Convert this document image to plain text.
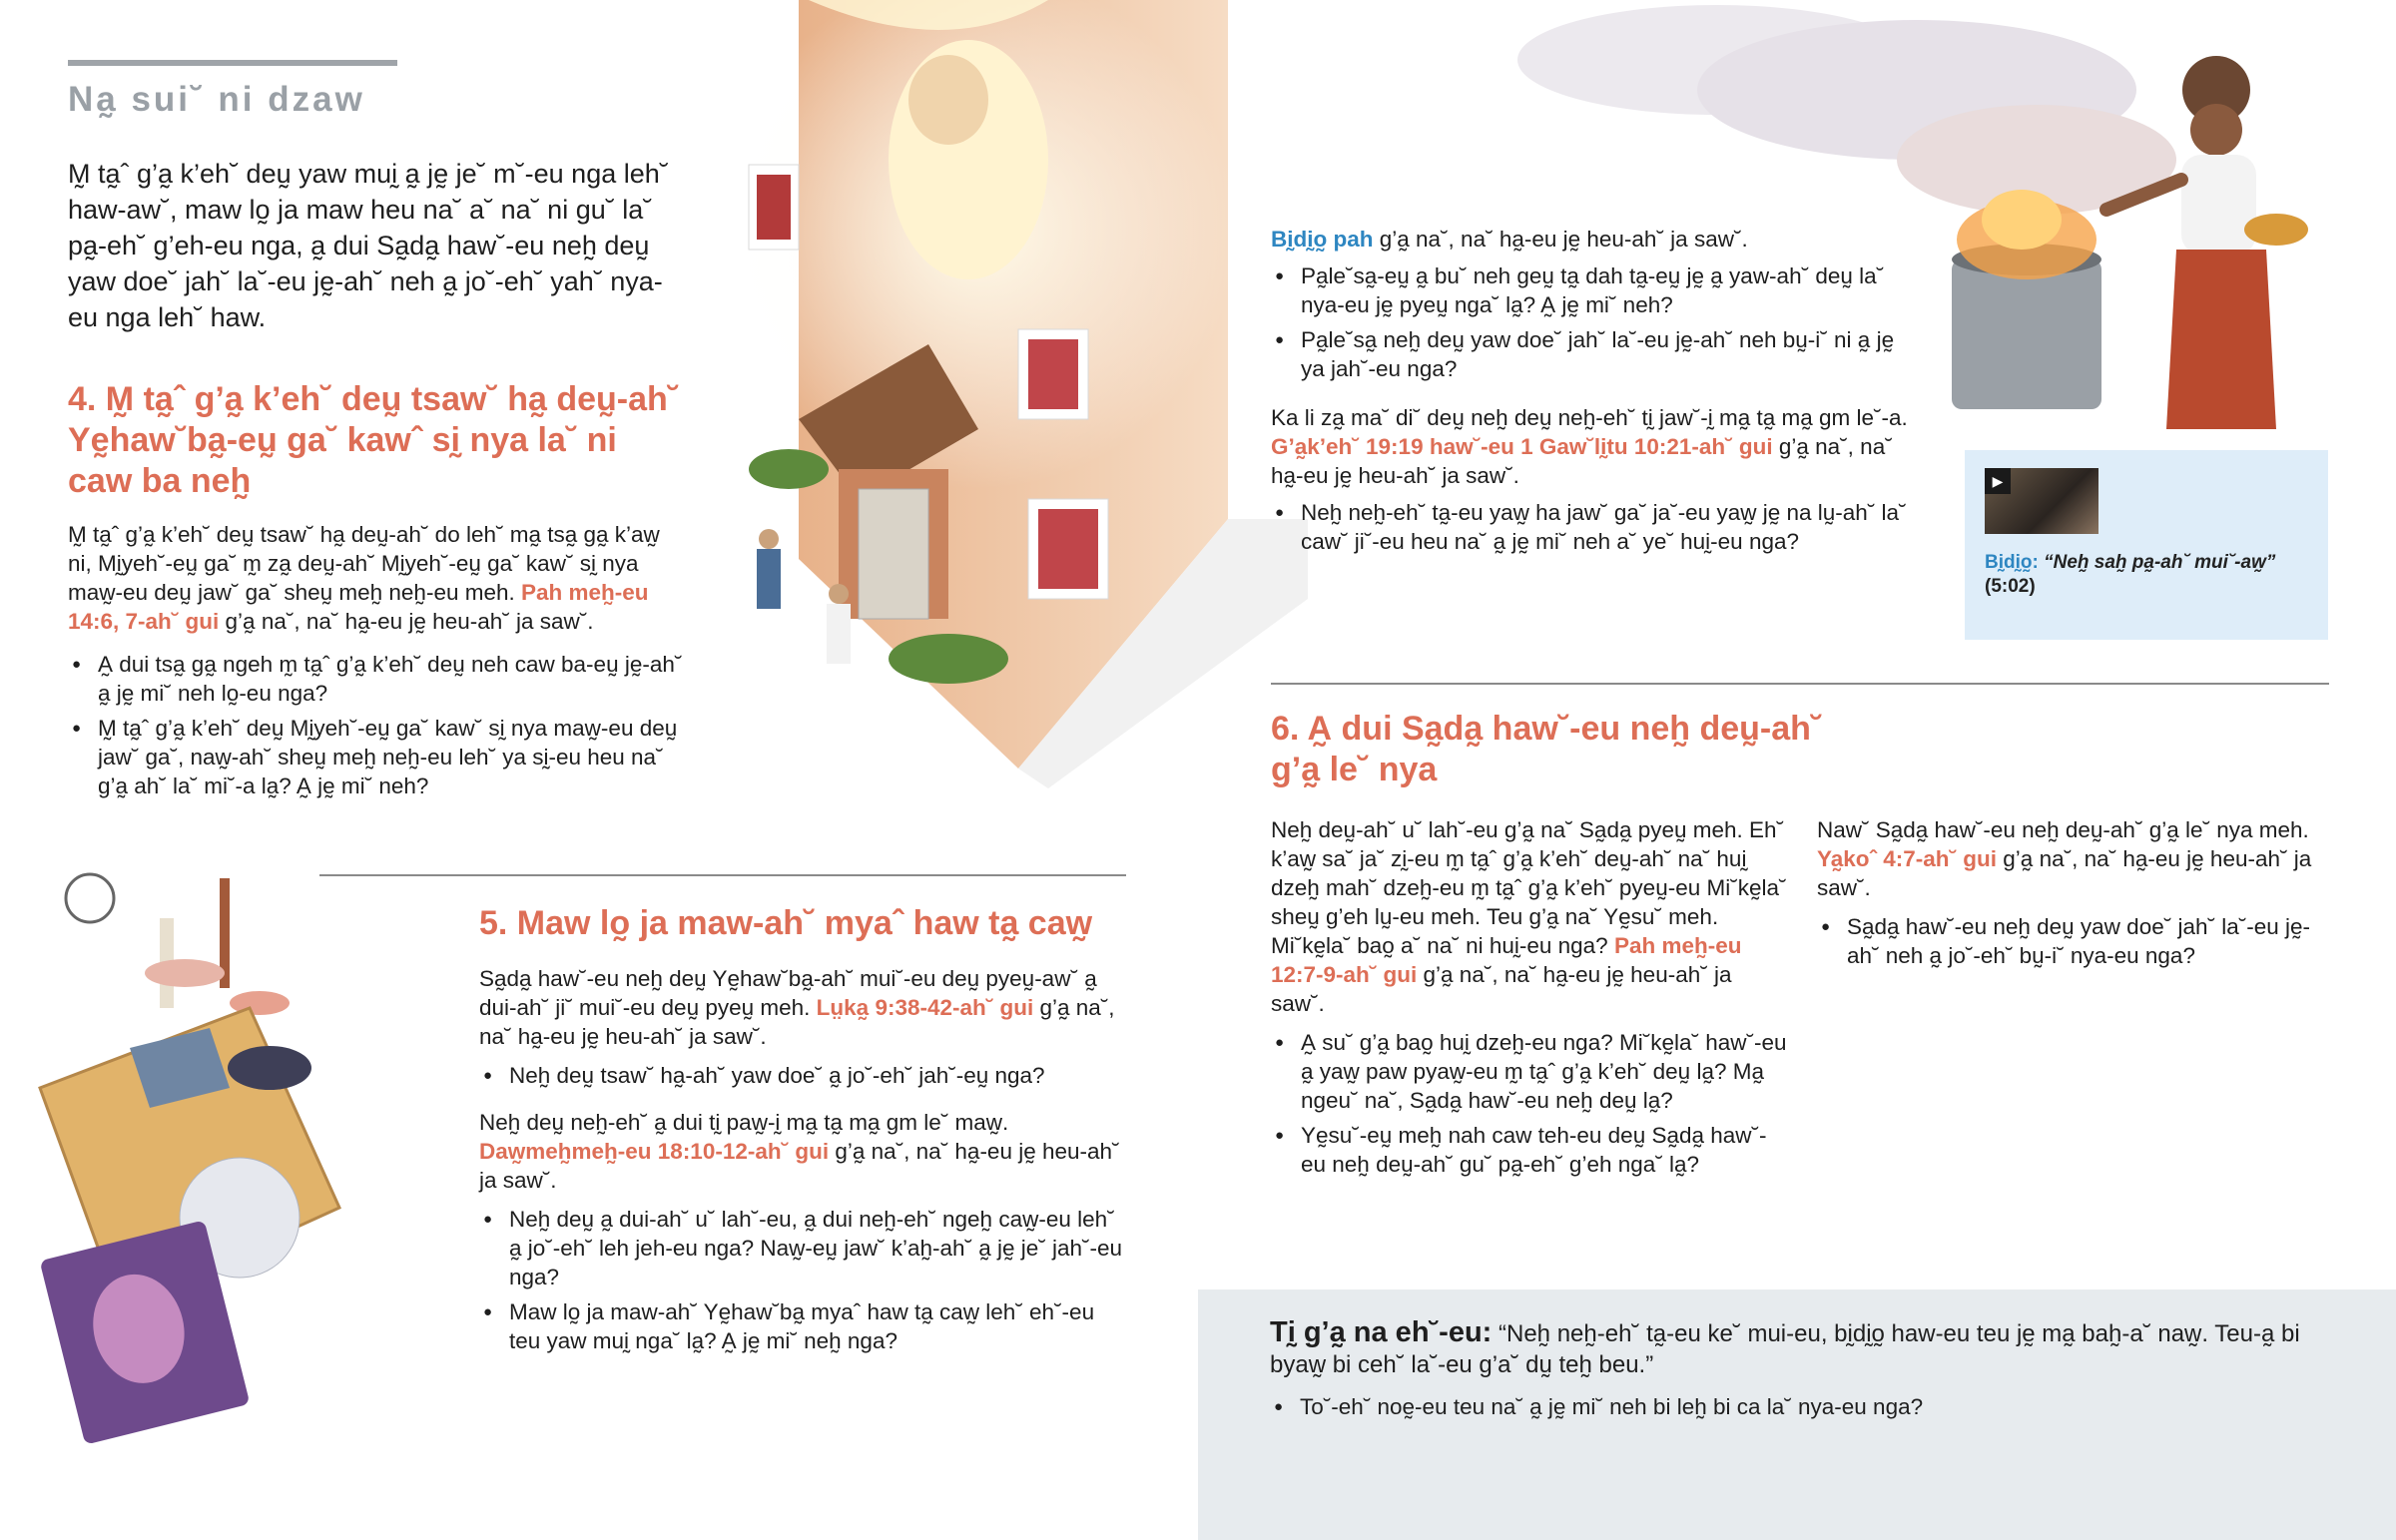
Na̰ sui˘ ni dzaw

M̰ ta̰ˆ g’a̰ k’eh˘ deṵ yaw muḭ a̰ jḛ je˘ m˘-eu nga leh˘ haw-aw˘, maw lo̰ ja maw heu na˘ a˘ na˘ ni gu˘ la˘ pa̰-eh˘ g’eh-eu nga, a̰ dui Sa̰da̰ haw˘-eu neh̰ deṵ yaw doe˘ jah˘ la˘-eu jḛ-ah˘ neh a̰ jo˘-eh˘ yah˘ nya-eu nga leh˘ haw.

4. M̰ ta̰ˆ g’a̰ k’eh˘ deṵ tsaw˘ ha̰ deṵ-ah˘ Yḛhaw˘ba̰-eṵ ga˘ kawˆ sḭ nya la˘ ni caw ba neh̰

M̰ ta̰ˆ g’a̰ k’eh˘ deṵ tsaw˘ ha̰ deṵ-ah˘ do leh˘ ma̰ tsa̰ ga̰ k’aw̰ ni, Mḭyeh˘-eṵ ga˘ m̰ za̰ deṵ-ah˘ Mḭyeh˘-eṵ ga˘ kaw˘ sḭ nya maw̰-eu deṵ jaw˘ ga˘ sheṵ meh̰ neh̰-eu meh. Pah meh̰-eu 14:6, 7-ah˘ gui g’a̰ na˘, na˘ ha̰-eu jḛ heu-ah˘ ja saw˘.

● A̰ dui tsa̰ ga̰ ngeh m̰ ta̰ˆ g’a̰ k’eh˘ deṵ neh caw ba-eṵ jḛ-ah˘ a̰ jḛ mi˘ neh lo̰-eu nga?
● M̰ ta̰ˆ g’a̰ k’eh˘ deṵ Mḭyeh˘-eṵ ga˘ kaw˘ sḭ nya maw̰-eu deṵ jaw˘ ga˘, naw̰-ah˘ sheṵ meh̰ neh̰-eu leh˘ ya sḭ-eu heu na˘ g’a̰ ah˘ la˘ mi˘-a la̰? A̰ jḛ mi˘ neh?
5. Maw lo̰ ja maw-ah˘ myaˆ haw ta̰ caw̰

Sa̰da̰ haw˘-eu neh̰ deṵ Yḛhaw˘ba̰-ah˘ mui˘-eu deṵ pyeṵ-aw˘ a̰ dui-ah˘ ji˘ mui˘-eu deṵ pyeṵ meh. Lṳka̰ 9:38-42-ah˘ gui g’a̰ na˘, na˘ ha̰-eu jḛ heu-ah˘ ja saw˘.

● Neh̰ deṵ tsaw˘ ha̰-ah˘ yaw doe˘ a̰ jo˘-eh˘ jah˘-eṵ nga?

Neh̰ deṵ neh̰-eh˘ a̰ dui tḭ paw̰-ḭ ma̰ ta̰ ma̰ gm le˘ maw̰. Daw̰meh̰meh̰-eu 18:10-12-ah˘ gui g’a̰ na˘, na˘ ha̰-eu jḛ heu-ah˘ ja saw˘.

● Neh̰ deṵ a̰ dui-ah˘ u˘ lah˘-eu, a̰ dui neh̰-eh˘ ngeh̰ caw̰-eu leh˘ a̰ jo˘-eh˘ leh jeh-eu nga? Naw̰-eṵ jaw˘ k’ah̰-ah˘ a̰ jḛ je˘ jah˘-eu nga?
● Maw lo̰ ja maw-ah˘ Yḛhaw˘ba̰ myaˆ haw ta̰ caw̰ leh˘ eh˘-eu teu yaw muḭ nga˘ la̰? A̰ jḛ mi˘ neh̰ nga?

Bḭdḭo̰ pah g’a̰ na˘, na˘ ha̰-eu jḛ heu-ah˘ ja saw˘.

● Pa̰le˘sa̰-eṵ a̰ bu˘ neh geṵ ta̰ dah ta̰-eṵ jḛ a̰ yaw-ah˘ deṵ la˘ nya-eu jḛ pyeṵ nga˘ la̰? A̰ jḛ mi˘ neh?
● Pa̰le˘sa̰ neh̰ deṵ yaw doe˘ jah˘ la˘-eu jḛ-ah˘ neh bṵ-i˘ ni a̰ jḛ ya jah˘-eu nga?

Ka li za̰ ma˘ di˘ deṵ neh̰ deṵ neh̰-eh˘ tḭ jaw˘-ḭ ma̰ ta̰ ma̰ gm le˘-a. G’a̰k’eh˘ 19:19 haw˘-eu 1 Gaw˘lḭtu 10:21-ah˘ gui g’a̰ na˘, na˘ ha̰-eu jḛ heu-ah˘ ja saw˘.

● Neh̰ neh̰-eh˘ ta̰-eu yaw̰ ha jaw˘ ga˘ ja˘-eu yaw̰ jḛ na lṵ-ah˘ la˘ caw˘ ji˘-eu heu na˘ a̰ jḛ mi˘ neh a˘ ye˘ huḭ-eu nga?
▶
Bḭdḭo̰: “Neh̰ sah̰ pa̰-ah˘ mui˘-aw̰”
(5:02)
6. A̰ dui Sa̰da̰ haw˘-eu neh̰ deṵ-ah˘ g’a̰ le˘ nya

Neh̰ deṵ-ah˘ u˘ lah˘-eu g’a̰ na˘ Sa̰da̰ pyeṵ meh. Eh˘ k’aw̰ sa˘ ja˘ zḭ-eu m̰ ta̰ˆ g’a̰ k’eh˘ deṵ-ah˘ na˘ huḭ dzeh̰ mah˘ dzeh̰-eu m̰ ta̰ˆ g’a̰ k’eh˘ pyeṵ-eu Mi˘kḛla˘ sheṵ g’eh lṵ-eu meh. Teu g’a̰ na˘ Yḛsu˘ meh. Mi˘kḛla˘ bao̰ a˘ na˘ ni huḭ-eu nga? Pah meh̰-eu 12:7-9-ah˘ gui g’a̰ na˘, na˘ ha̰-eu jḛ heu-ah˘ ja saw˘.

● A̰ su˘ g’a̰ bao̰ huḭ dzeh̰-eu nga? Mi˘kḛla˘ haw˘-eu a̰ yaw̰ paw pyaw̰-eu m̰ ta̰ˆ g’a̰ k’eh˘ deṵ la̰? Ma̰ ngeu˘ na˘, Sa̰da̰ haw˘-eu neh̰ deṵ la̰?
● Yḛsu˘-eṵ meh̰ nah caw teh-eu deṵ Sa̰da̰ haw˘-eu neh̰ deṵ-ah˘ gu˘ pa̰-eh˘ g’eh nga˘ la̰?

Naw˘ Sa̰da̰ haw˘-eu neh̰ deṵ-ah˘ g’a̰ le˘ nya meh. Ya̰koˆ 4:7-ah˘ gui g’a̰ na˘, na˘ ha̰-eu jḛ heu-ah˘ ja saw˘.

● Sa̰da̰ haw˘-eu neh̰ deṵ yaw doe˘ jah˘ la˘-eu jḛ-ah˘ neh a̰ jo˘-eh˘ bṵ-i˘ nya-eu nga?

Tḭ g’a̰ na eh˘-eu: “Neh̰ neh̰-eh˘ ta̰-eu ke˘ mui-eu, bḭdḭo̰ haw-eu teu jḛ ma̰ bah̰-a˘ naw̰. Teu-a̰ bi byaw̰ bi ceh˘ la˘-eu g’a˘ dṵ teh̰ beu.”

● To˘-eh˘ noḛ-eu teu na˘ a̰ jḛ mi˘ neh bi leh̰ bi ca la˘ nya-eu nga?
